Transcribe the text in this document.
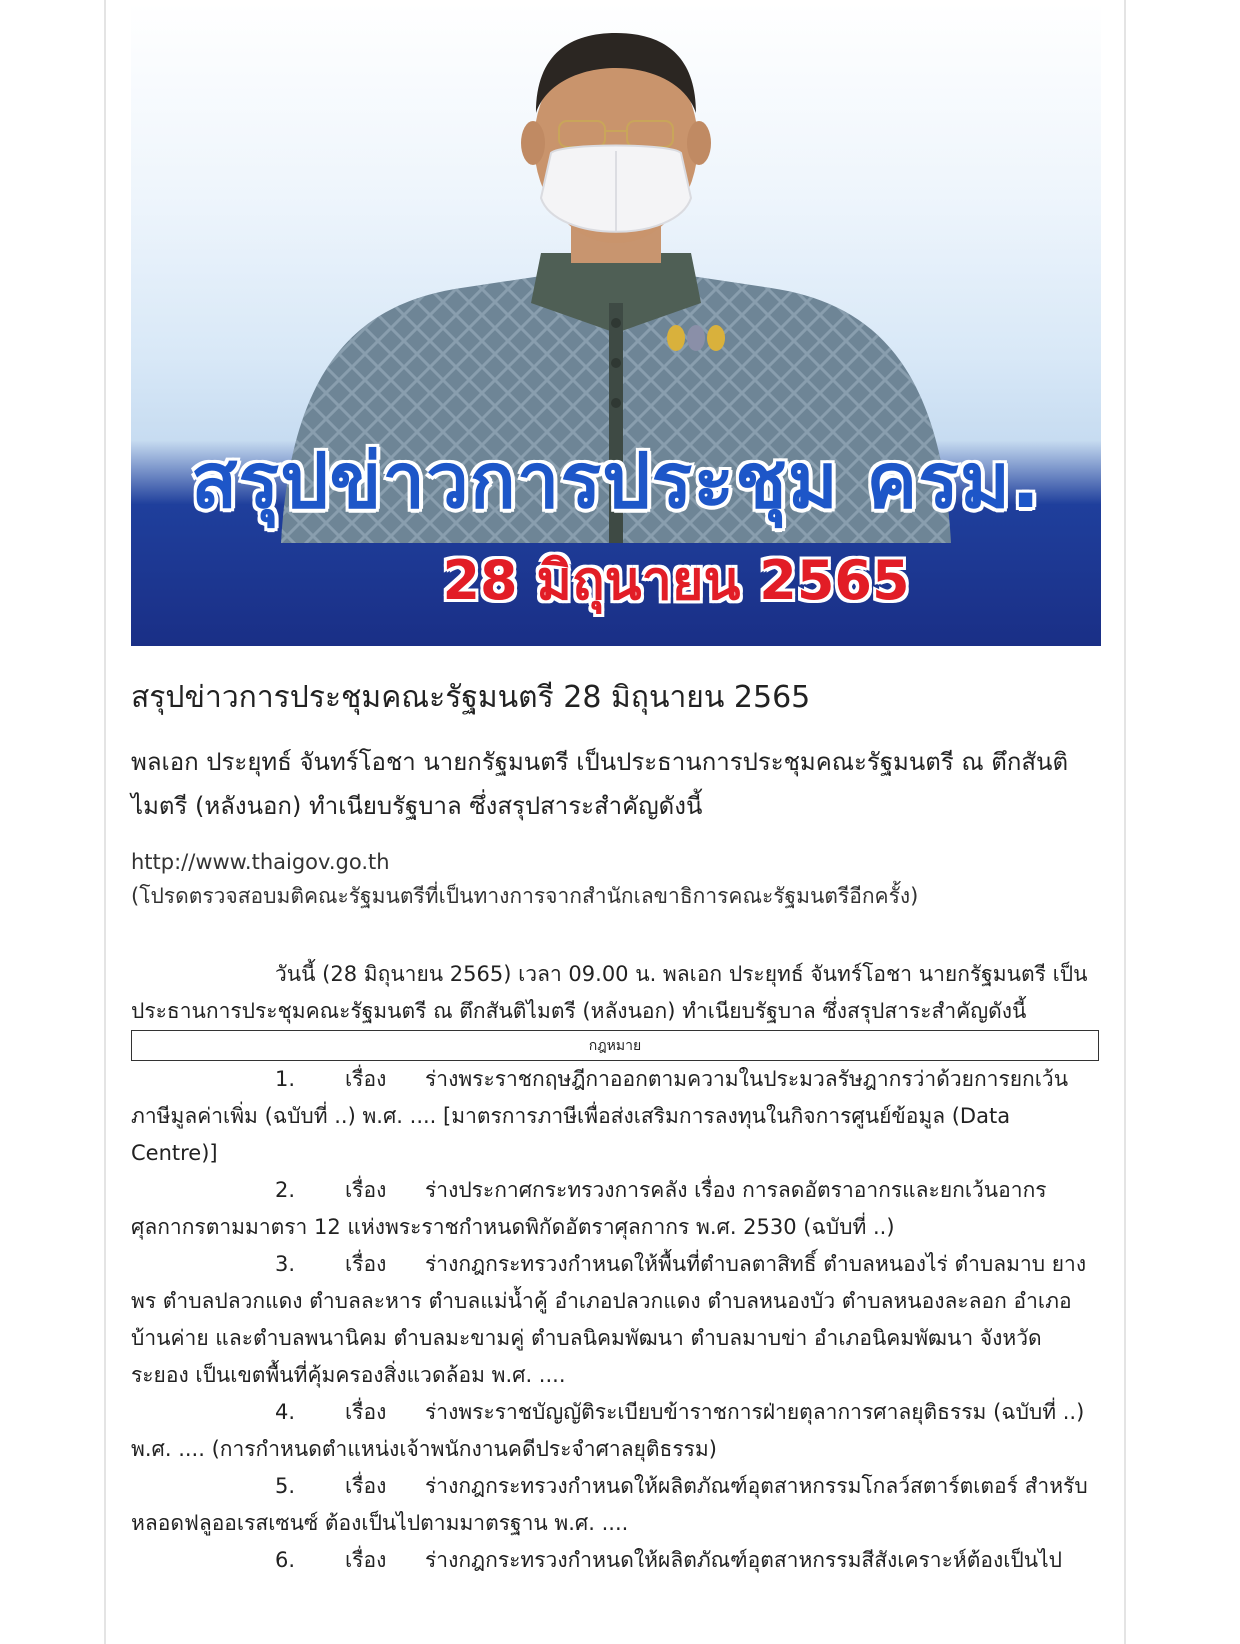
สรุปข่าวการประชุม ครม.
28 มิถุนายน 2565
สรุปข่าวการประชุมคณะรัฐมนตรี 28 มิถุนายน 2565

พลเอก ประยุทธ์ จันทร์โอชา นายกรัฐมนตรี เป็นประธานการประชุมคณะรัฐมนตรี ณ ตึกสันติไมตรี (หลังนอก) ทำเนียบรัฐบาล ซึ่งสรุปสาระสำคัญดังนี้

http://www.thaigov.go.th
(โปรดตรวจสอบมติคณะรัฐมนตรีที่เป็นทางการจากสำนักเลขาธิการคณะรัฐมนตรีอีกครั้ง)

วันนี้ (28 มิถุนายน 2565) เวลา 09.00 น. พลเอก ประยุทธ์ จันทร์โอชา นายกรัฐมนตรี เป็นประธานการประชุมคณะรัฐมนตรี ณ ตึกสันติไมตรี (หลังนอก) ทำเนียบรัฐบาล ซึ่งสรุปสาระสำคัญดังนี้

กฎหมาย

1. เรื่อง ร่างพระราชกฤษฎีกาออกตามความในประมวลรัษฎากรว่าด้วยการยกเว้น ภาษีมูลค่าเพิ่ม (ฉบับที่ ..) พ.ศ. .... [มาตรการภาษีเพื่อส่งเสริมการลงทุนในกิจการศูนย์ข้อมูล (Data Centre)]

2. เรื่อง ร่างประกาศกระทรวงการคลัง เรื่อง การลดอัตราอากรและยกเว้นอากร ศุลกากรตามมาตรา 12 แห่งพระราชกำหนดพิกัดอัตราศุลกากร พ.ศ. 2530 (ฉบับที่ ..)

3. เรื่อง ร่างกฎกระทรวงกำหนดให้พื้นที่ตำบลตาสิทธิ์ ตำบลหนองไร่ ตำบลมาบ ยางพร ตำบลปลวกแดง ตำบลละหาร ตำบลแม่น้ำคู้ อำเภอปลวกแดง ตำบลหนองบัว ตำบลหนองละลอก อำเภอบ้านค่าย และตำบลพนานิคม ตำบลมะขามคู่ ตำบลนิคมพัฒนา ตำบลมาบข่า อำเภอนิคมพัฒนา จังหวัดระยอง เป็นเขตพื้นที่คุ้มครองสิ่งแวดล้อม พ.ศ. ....

4. เรื่อง ร่างพระราชบัญญัติระเบียบข้าราชการฝ่ายตุลาการศาลยุติธรรม (ฉบับที่ ..) พ.ศ. .... (การกำหนดตำแหน่งเจ้าพนักงานคดีประจำศาลยุติธรรม)

5. เรื่อง ร่างกฎกระทรวงกำหนดให้ผลิตภัณฑ์อุตสาหกรรมโกลว์สตาร์ตเตอร์ สำหรับหลอดฟลูออเรสเซนซ์ ต้องเป็นไปตามมาตรฐาน พ.ศ. ....

6. เรื่อง ร่างกฎกระทรวงกำหนดให้ผลิตภัณฑ์อุตสาหกรรมสีสังเคราะห์ต้องเป็นไป
